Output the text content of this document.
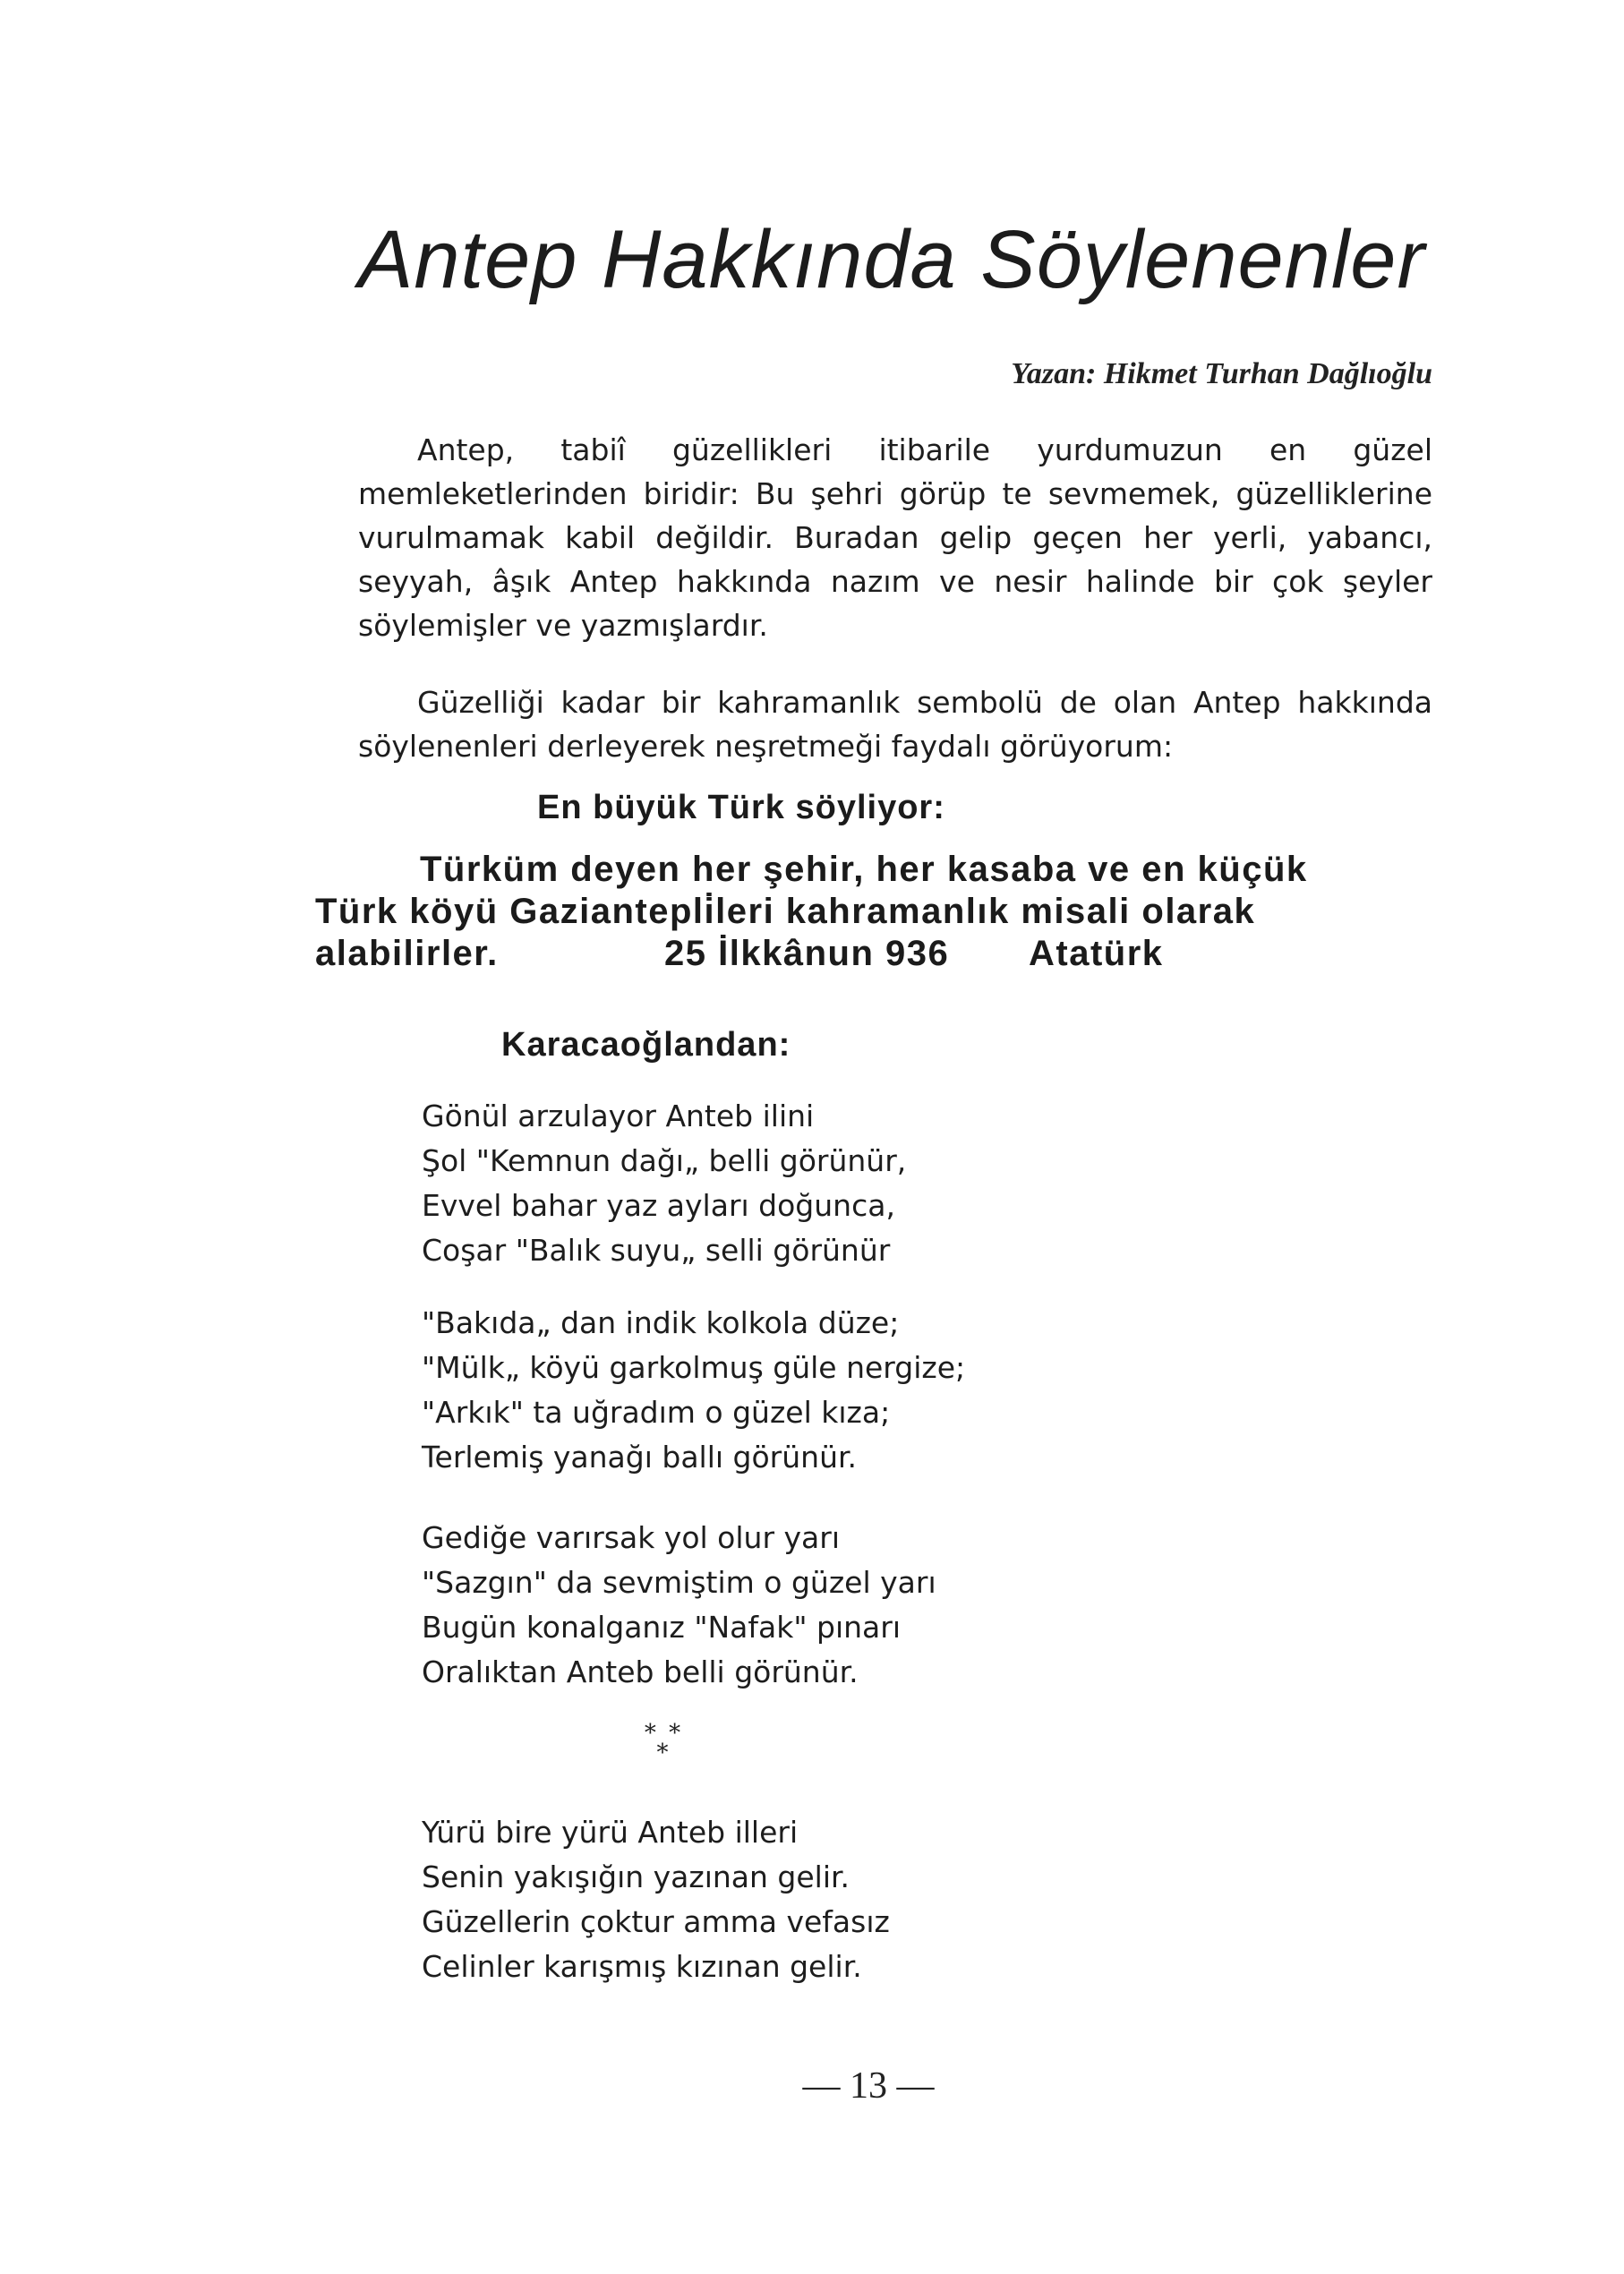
Antep Hakkında Söylenenler
Yazan: Hikmet Turhan Dağlıoğlu
Antep, tabiî güzellikleri itibarile yurdumuzun en güzel memleketlerinden biridir: Bu şehri görüp te sevmemek, güzelliklerine vurulmamak kabil değildir. Buradan gelip geçen her yerli, yabancı, seyyah, âşık Antep hakkında nazım ve nesir halinde bir çok şeyler söylemişler ve yazmışlardır.
Güzelliği kadar bir kahramanlık sembolü de olan Antep hakkında söylenenleri derleyerek neşretmeği faydalı görüyorum:
En büyük Türk söyliyor:
Türküm deyen her şehir, her kasaba ve en küçük
Türk köyü Gaziantepli̇leri kahramanlık misali olarak
alabilirler.	25 İlkkânun 936 Atatürk
Karacaoğlandan:
Gönül arzulayor Anteb ilini
Şol "Kemnun dağı„ belli görünür,
Evvel bahar yaz ayları doğunca,
Coşar "Balık suyu„ selli görünür
"Bakıda„ dan indik kolkola düze;
"Mülk„ köyü garkolmuş güle nergize;
"Arkık" ta uğradım o güzel kıza;
Terlemiş yanağı ballı görünür.
Gediğe varırsak yol olur yarı
"Sazgın" da sevmiştim o güzel yarı
Bugün konalganız "Nafak" pınarı
Oralıktan Anteb belli görünür.
* * *
Yürü bire yürü Anteb illeri
Senin yakışığın yazınan gelir.
Güzellerin çoktur amma vefasız
Celinler karışmış kızınan gelir.
— 13 —
